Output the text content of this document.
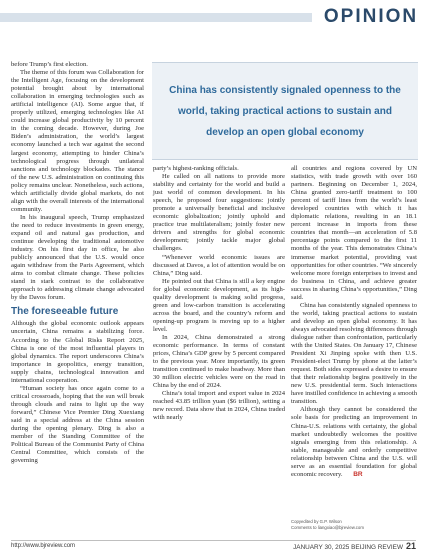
OPINION

before Trump’s first election.

The theme of this forum was Collaboration for the Intelligent Age, focusing on the development potential brought about by international collaboration in emerging technologies such as artificial intelligence (AI). Some argue that, if properly utilized, emerging technologies like AI could increase global productivity by 10 percent in the coming decade. However, during Joe Biden’s administration, the world’s largest economy launched a tech war against the second largest economy, attempting to hinder China’s technological progress through unilateral sanctions and technology blockades. The stance of the new U.S. administration on continuing this policy remains unclear. Nonetheless, such actions, which artificially divide global markets, do not align with the overall interests of the international community.

In his inaugural speech, Trump emphasized the need to reduce investments in green energy, expand oil and natural gas production, and continue developing the traditional automotive industry. On his first day in office, he also publicly announced that the U.S. would once again withdraw from the Paris Agreement, which aims to combat climate change. These policies stand in stark contrast to the collaborative approach to addressing climate change advocated by the Davos forum.

The foreseeable future

Although the global economic outlook appears uncertain, China remains a stabilizing force. According to the Global Risks Report 2025, China is one of the most influential players in global dynamics. The report underscores China’s importance in geopolitics, energy transition, supply chains, technological innovation and international cooperation.

“Human society has once again come to a critical crossroads, hoping that the sun will break through clouds and rains to light up the way forward,” Chinese Vice Premier Ding Xuexiang said in a special address at the China session during the opening plenary. Ding is also a member of the Standing Committee of the Political Bureau of the Communist Party of China Central Committee, which consists of the governing

China has consistently signaled openness to the world, taking practical actions to sustain and develop an open global economy

party’s highest-ranking officials.

He called on all nations to provide more stability and certainty for the world and build a just world of common development. In his speech, he proposed four suggestions: jointly promote a universally beneficial and inclusive economic globalization; jointly uphold and practice true multilateralism; jointly foster new drivers and strengths for global economic development; jointly tackle major global challenges.

“Whenever world economic issues are discussed at Davos, a lot of attention would be on China,” Ding said.

He pointed out that China is still a key engine for global economic development, as its high-quality development is making solid progress, green and low-carbon transition is accelerating across the board, and the country’s reform and opening-up program is moving up to a higher level.

In 2024, China demonstrated a strong economic performance. In terms of constant prices, China’s GDP grew by 5 percent compared to the previous year. More importantly, its green transition continued to make headway. More than 30 million electric vehicles were on the road in China by the end of 2024.

China’s total import and export value in 2024 reached 43.85 trillion yuan ($6 trillion), setting a new record. Data show that in 2024, China traded with nearly

all countries and regions covered by UN statistics, with trade growth with over 160 partners. Beginning on December 1, 2024, China granted zero-tariff treatment to 100 percent of tariff lines from the world’s least developed countries with which it has diplomatic relations, resulting in an 18.1 percent increase in imports from these countries that month—an acceleration of 5.8 percentage points compared to the first 11 months of the year. This demonstrates China’s immense market potential, providing vast opportunities for other countries. “We sincerely welcome more foreign enterprises to invest and do business in China, and achieve greater success in sharing China’s opportunities,” Ding said.

China has consistently signaled openness to the world, taking practical actions to sustain and develop an open global economy. It has always advocated resolving differences through dialogue rather than confrontation, particularly with the United States. On January 17, Chinese President Xi Jinping spoke with then U.S. President-elect Trump by phone at the latter’s request. Both sides expressed a desire to ensure that their relationship begins positively in the new U.S. presidential term. Such interactions have instilled confidence in achieving a smooth transition.

Although they cannot be considered the sole basis for predicting an improvement in China-U.S. relations with certainty, the global market undoubtedly welcomes the positive signals emerging from this relationship. A stable, manageable and orderly competitive relationship between China and the U.S. will serve as an essential foundation for global economic recovery. BR

Copyedited by G.P. Wilson
Comments to liangxiao@bjreview.com
http://www.bjreview.com	JANUARY 30, 2025 BEIJING REVIEW 21
